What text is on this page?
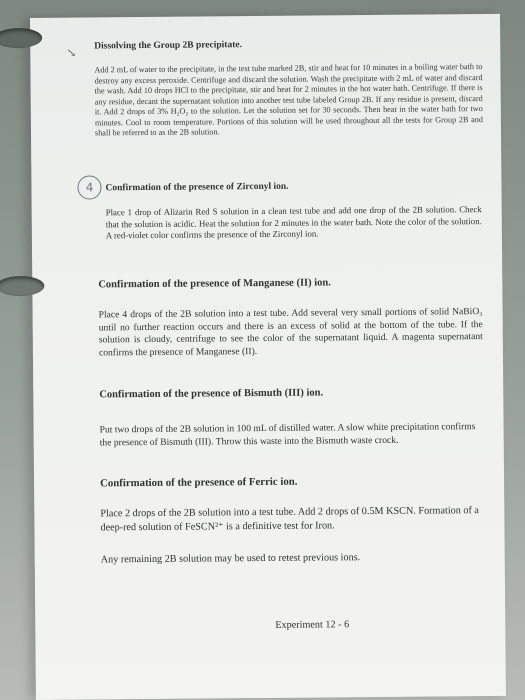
↘	Dissolving the Group 2B precipitate.
Add 2 mL of water to the precipitate, in the test tube marked 2B, stir and heat for 10 minutes in a boiling water bath to destroy any excess peroxide. Centrifuge and discard the solution. Wash the precipitate with 2 mL of water and discard the wash. Add 10 drops HCl to the precipitate, stir and heat for 2 minutes in the hot water bath. Centrifuge. If there is any residue, decant the supernatant solution into another test tube labeled Group 2B. If any residue is present, discard it. Add 2 drops of 3% H₂O₂ to the solution. Let the solution set for 30 seconds. Then heat in the water bath for two minutes. Cool to room temperature. Portions of this solution will be used throughout all the tests for Group 2B and shall be referred to as the 2B solution.
4	Confirmation of the presence of Zirconyl ion.
Place 1 drop of Alizarin Red S solution in a clean test tube and add one drop of the 2B solution. Check that the solution is acidic. Heat the solution for 2 minutes in the water bath. Note the color of the solution. A red-violet color confirms the presence of the Zirconyl ion.
Confirmation of the presence of Manganese (II) ion.
Place 4 drops of the 2B solution into a test tube. Add several very small portions of solid NaBiO₃ until no further reaction occurs and there is an excess of solid at the bottom of the tube. If the solution is cloudy, centrifuge to see the color of the supernatant liquid. A magenta supernatant confirms the presence of Manganese (II).
Confirmation of the presence of Bismuth (III) ion.
Put two drops of the 2B solution in 100 mL of distilled water. A slow white precipitation confirms the presence of Bismuth (III). Throw this waste into the Bismuth waste crock.
Confirmation of the presence of Ferric ion.
Place 2 drops of the 2B solution into a test tube. Add 2 drops of 0.5M KSCN. Formation of a deep-red solution of FeSCN²⁺ is a definitive test for Iron.
Any remaining 2B solution may be used to retest previous ions.
Experiment 12 - 6
